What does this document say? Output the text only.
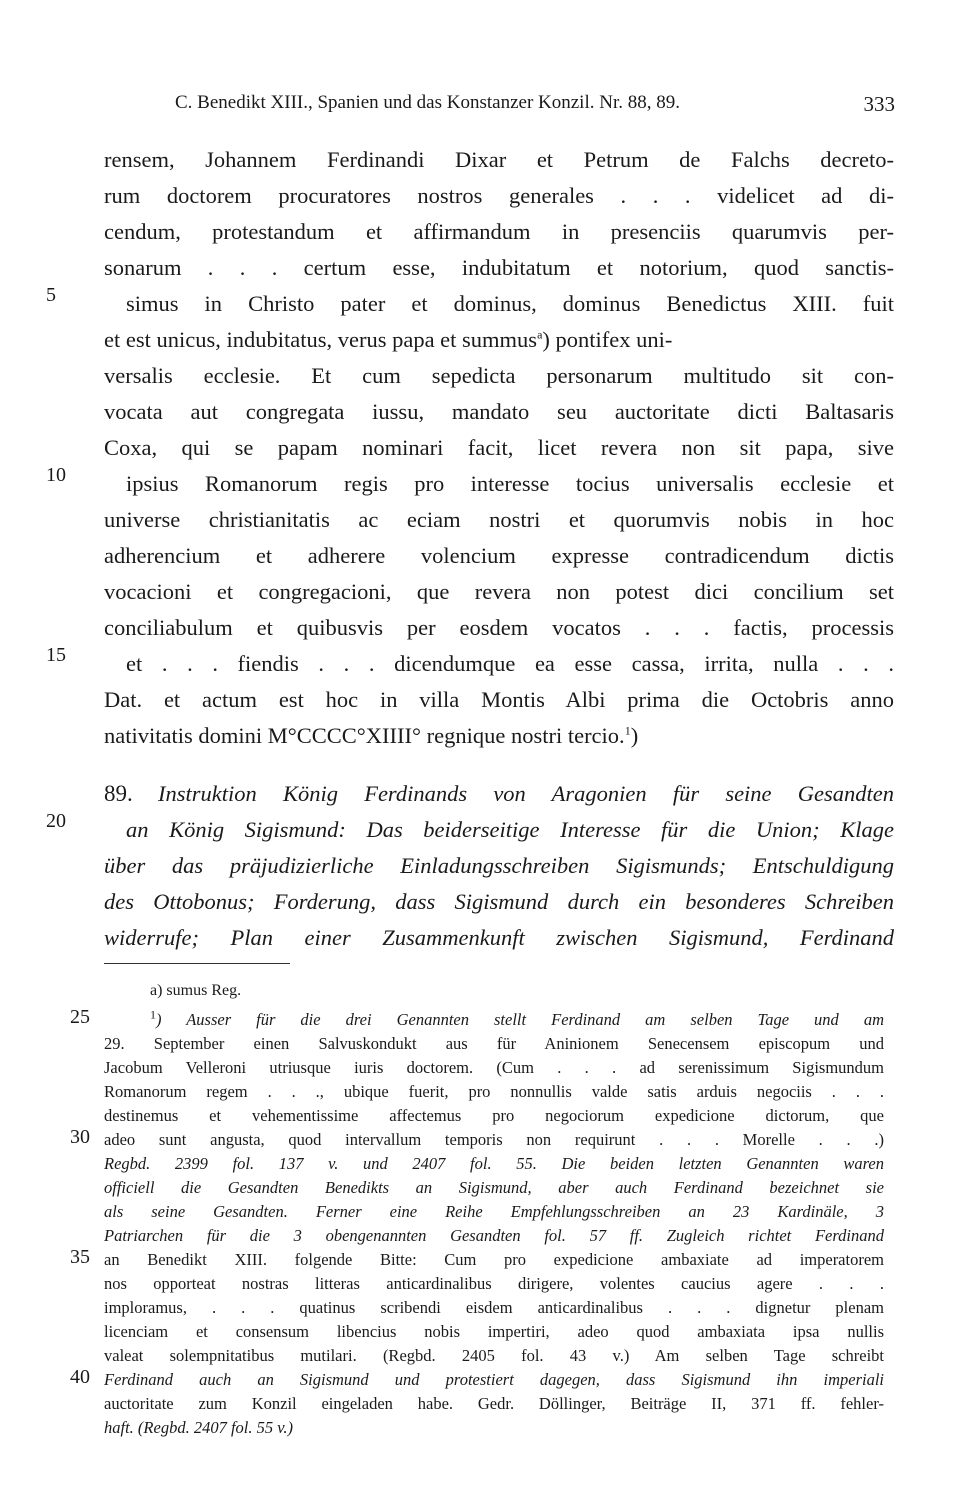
C. Benedikt XIII., Spanien und das Konstanzer Konzil. Nr. 88, 89.	333
rensem, Johannem Ferdinandi Dixar et Petrum de Falchs decreto-
rum doctorem procuratores nostros generales . . . videlicet ad di-
cendum, protestandum et affirmandum in presenciis quarumvis per-
sonarum . . . certum esse, indubitatum et notorium, quod sanctis-
5	simus in Christo pater et dominus, dominus Benedictus XIII. fuit
et est unicus, indubitatus, verus papa et summus$^a$) pontifex uni-
versalis ecclesie. Et cum sepedicta personarum multitudo sit con-
vocata aut congregata iussu, mandato seu auctoritate dicti Baltasaris
Coxa, qui se papam nominari facit, licet revera non sit papa, sive
10	ipsius Romanorum regis pro interesse tocius universalis ecclesie et
universe christianitatis ac eciam nostri et quorumvis nobis in hoc
adherencium et adherere volencium expresse contradicendum dictis
vocacioni et congregacioni, que revera non potest dici concilium set
conciliabulum et quibusvis per eosdem vocatos . . . factis, processis
15	et . . . fiendis . . . dicendumque ea esse cassa, irrita, nulla . . .
Dat. et actum est hoc in villa Montis Albi prima die Octobris anno
nativitatis domini M°CCCC°XIIII° regnique nostri tercio.$^1$)
89. Instruktion König Ferdinands von Aragonien für seine Gesandten
20	an König Sigismund: Das beiderseitige Interesse für die Union; Klage
über das präjudizierliche Einladungsschreiben Sigismunds; Entschuldigung
des Ottobonus; Forderung, dass Sigismund durch ein besonderes Schreiben
widerrufe; Plan einer Zusammenkunft zwischen Sigismund, Ferdinand
a) sumus Reg.
25	$^1$) Ausser für die drei Genannten stellt Ferdinand am selben Tage und am
29. September einen Salvuskondukt aus für Aninionem Senecensem episcopum und
Jacobum Velleroni utriusque iuris doctorem. (Cum . . . ad serenissimum Sigismundum
Romanorum regem . . ., ubique fuerit, pro nonnullis valde satis arduis negociis . . .
destinemus et vehementissime affectemus pro negociorum expedicione dictorum, que
30 adeo sunt angusta, quod intervallum temporis non requirunt . . . Morelle . . .)
Regbd. 2399 fol. 137 v. und 2407 fol. 55. Die beiden letzten Genannten waren
officiell die Gesandten Benedikts an Sigismund, aber auch Ferdinand bezeichnet sie
als seine Gesandten. Ferner eine Reihe Empfehlungsschreiben an 23 Kardinäle, 3
Patriarchen für die 3 obengenannten Gesandten fol. 57 ff. Zugleich richtet Ferdinand
35 an Benedikt XIII. folgende Bitte: Cum pro expedicione ambaxiate ad imperatorem
nos opporteat nostras litteras anticardinalibus dirigere, volentes caucius agere . . .
imploramus, . . . quatinus scribendi eisdem anticardinalibus . . . dignetur plenam
licenciam et consensum libencius nobis impertiri, adeo quod ambaxiata ipsa nullis
valeat solempnitatibus mutilari. (Regbd. 2405 fol. 43 v.) Am selben Tage schreibt
40 Ferdinand auch an Sigismund und protestiert dagegen, dass Sigismund ihn imperiali
auctoritate zum Konzil eingeladen habe. Gedr. Döllinger, Beiträge II, 371 ff. fehler-
haft. (Regbd. 2407 fol. 55 v.)
